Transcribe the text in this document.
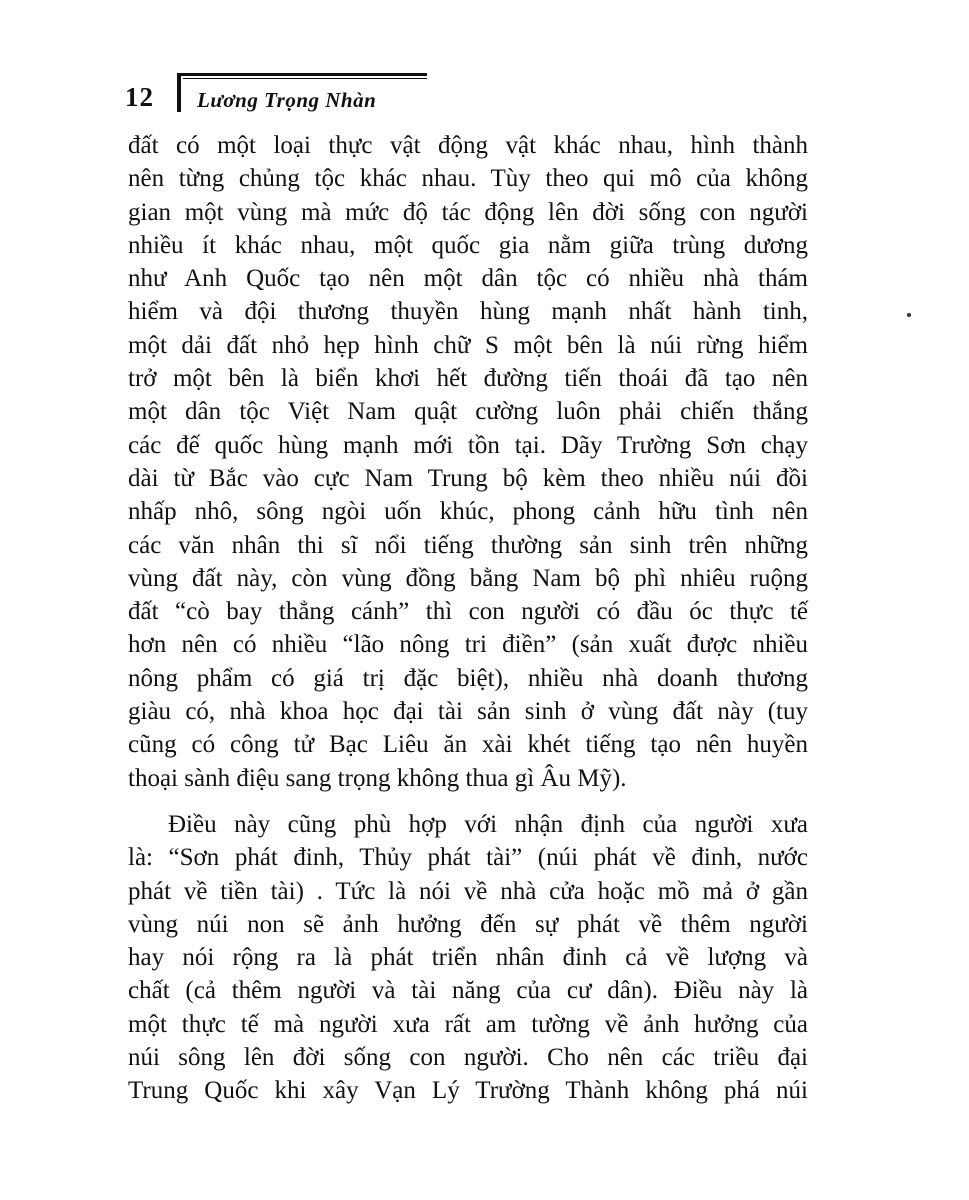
12 Lương Trọng Nhàn
đất có một loại thực vật động vật khác nhau, hình thành
nên từng chủng tộc khác nhau. Tùy theo qui mô của không
gian một vùng mà mức độ tác động lên đời sống con người
nhiều ít khác nhau, một quốc gia nằm giữa trùng dương
như Anh Quốc tạo nên một dân tộc có nhiều nhà thám
hiểm và đội thương thuyền hùng mạnh nhất hành tinh,
một dải đất nhỏ hẹp hình chữ S một bên là núi rừng hiểm
trở một bên là biển khơi hết đường tiến thoái đã tạo nên
một dân tộc Việt Nam quật cường luôn phải chiến thắng
các đế quốc hùng mạnh mới tồn tại. Dãy Trường Sơn chạy
dài từ Bắc vào cực Nam Trung bộ kèm theo nhiều núi đồi
nhấp nhô, sông ngòi uốn khúc, phong cảnh hữu tình nên
các văn nhân thi sĩ nổi tiếng thường sản sinh trên những
vùng đất này, còn vùng đồng bằng Nam bộ phì nhiêu ruộng
đất “cò bay thẳng cánh” thì con người có đầu óc thực tế
hơn nên có nhiều “lão nông tri điền” (sản xuất được nhiều
nông phẩm có giá trị đặc biệt), nhiều nhà doanh thương
giàu có, nhà khoa học đại tài sản sinh ở vùng đất này (tuy
cũng có công tử Bạc Liêu ăn xài khét tiếng tạo nên huyền
thoại sành điệu sang trọng không thua gì Âu Mỹ).
Điều này cũng phù hợp với nhận định của người xưa
là: “Sơn phát đinh, Thủy phát tài” (núi phát về đinh, nước
phát về tiền tài) . Tức là nói về nhà cửa hoặc mồ mả ở gần
vùng núi non sẽ ảnh hưởng đến sự phát về thêm người
hay nói rộng ra là phát triển nhân đinh cả về lượng và
chất (cả thêm người và tài năng của cư dân). Điều này là
một thực tế mà người xưa rất am tường về ảnh hưởng của
núi sông lên đời sống con người. Cho nên các triều đại
Trung Quốc khi xây Vạn Lý Trường Thành không phá núi
